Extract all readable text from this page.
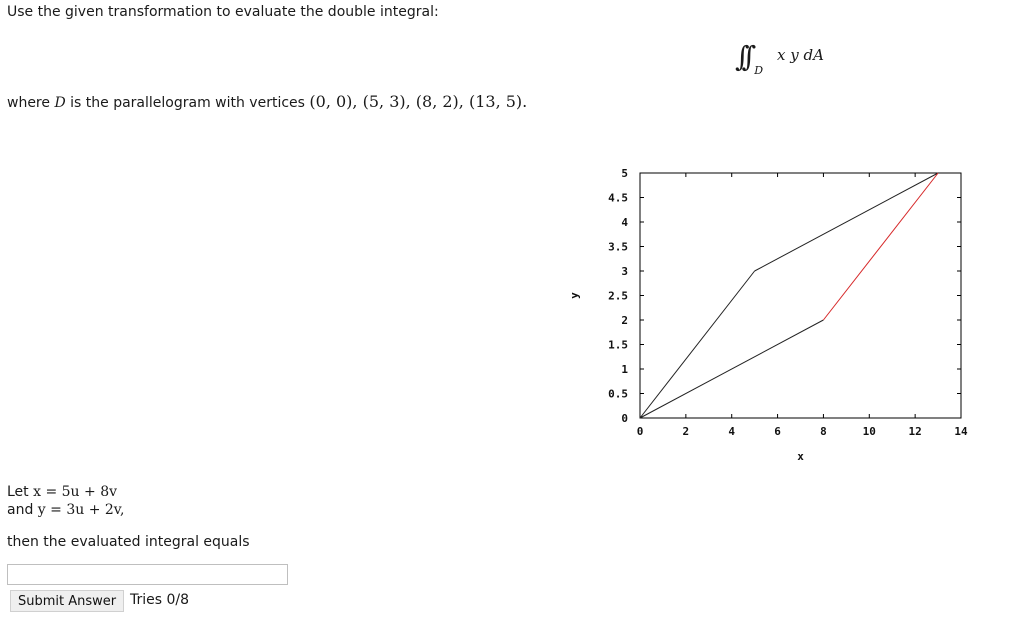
Use the given transformation to evaluate the double integral:
∫∫ $_D$x y dA
where D is the parallelogram with vertices (0, 0), (5, 3), (8, 2), (13, 5).
0	2	4	6	8	10	12	14
0
0.5
1
1.5
2
2.5
3
3.5
4
4.5
5
x
y
Let x = 5u + 8v
and y = 3u + 2v,
then the evaluated integral equals
Submit Answer Tries 0/8
